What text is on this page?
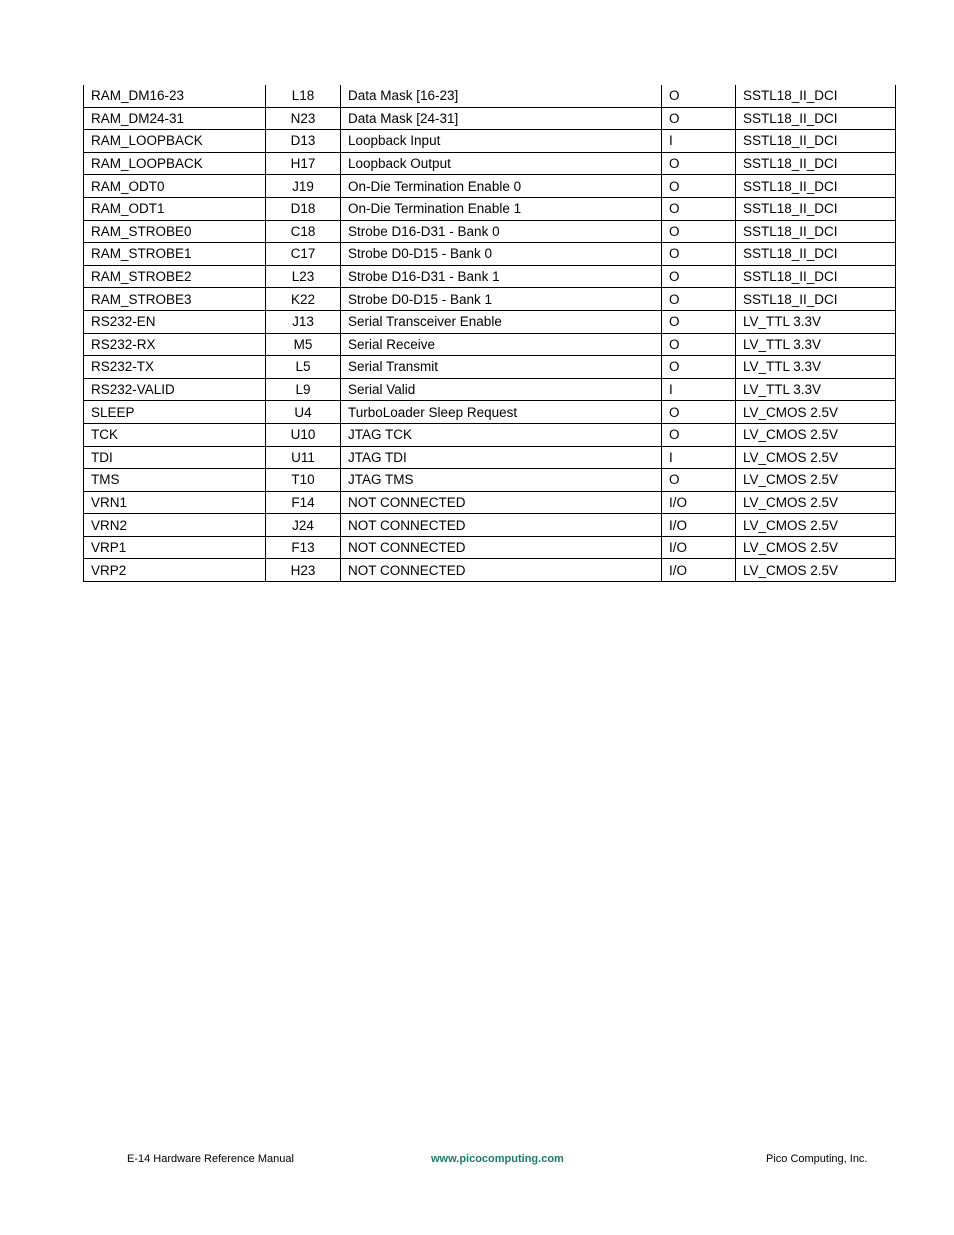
RAM_DM16-23	L18	Data Mask [16-23]	O	SSTL18_II_DCI
RAM_DM24-31	N23	Data Mask [24-31]	O	SSTL18_II_DCI
RAM_LOOPBACK	D13	Loopback Input	I	SSTL18_II_DCI
RAM_LOOPBACK	H17	Loopback Output	O	SSTL18_II_DCI
RAM_ODT0	J19	On-Die Termination Enable 0	O	SSTL18_II_DCI
RAM_ODT1	D18	On-Die Termination Enable 1	O	SSTL18_II_DCI
RAM_STROBE0	C18	Strobe D16-D31 - Bank 0	O	SSTL18_II_DCI
RAM_STROBE1	C17	Strobe D0-D15 - Bank 0	O	SSTL18_II_DCI
RAM_STROBE2	L23	Strobe D16-D31 - Bank 1	O	SSTL18_II_DCI
RAM_STROBE3	K22	Strobe D0-D15 - Bank 1	O	SSTL18_II_DCI
RS232-EN	J13	Serial Transceiver Enable	O	LV_TTL 3.3V
RS232-RX	M5	Serial Receive	O	LV_TTL 3.3V
RS232-TX	L5	Serial Transmit	O	LV_TTL 3.3V
RS232-VALID	L9	Serial Valid	I	LV_TTL 3.3V
SLEEP	U4	TurboLoader Sleep Request	O	LV_CMOS 2.5V
TCK	U10	JTAG TCK	O	LV_CMOS 2.5V
TDI	U11	JTAG TDI	I	LV_CMOS 2.5V
TMS	T10	JTAG TMS	O	LV_CMOS 2.5V
VRN1	F14	NOT CONNECTED	I/O	LV_CMOS 2.5V
VRN2	J24	NOT CONNECTED	I/O	LV_CMOS 2.5V
VRP1	F13	NOT CONNECTED	I/O	LV_CMOS 2.5V
VRP2	H23	NOT CONNECTED	I/O	LV_CMOS 2.5V
E-14 Hardware Reference Manual	www.picocomputing.com	Pico Computing, Inc.
